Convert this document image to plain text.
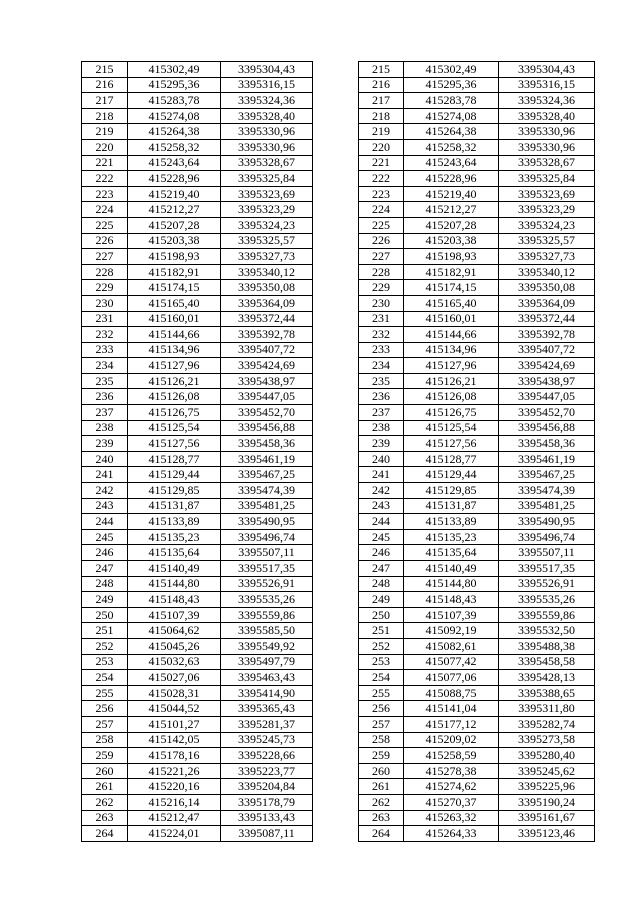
215	415302,49	3395304,43
216	415295,36	3395316,15
217	415283,78	3395324,36
218	415274,08	3395328,40
219	415264,38	3395330,96
220	415258,32	3395330,96
221	415243,64	3395328,67
222	415228,96	3395325,84
223	415219,40	3395323,69
224	415212,27	3395323,29
225	415207,28	3395324,23
226	415203,38	3395325,57
227	415198,93	3395327,73
228	415182,91	3395340,12
229	415174,15	3395350,08
230	415165,40	3395364,09
231	415160,01	3395372,44
232	415144,66	3395392,78
233	415134,96	3395407,72
234	415127,96	3395424,69
235	415126,21	3395438,97
236	415126,08	3395447,05
237	415126,75	3395452,70
238	415125,54	3395456,88
239	415127,56	3395458,36
240	415128,77	3395461,19
241	415129,44	3395467,25
242	415129,85	3395474,39
243	415131,87	3395481,25
244	415133,89	3395490,95
245	415135,23	3395496,74
246	415135,64	3395507,11
247	415140,49	3395517,35
248	415144,80	3395526,91
249	415148,43	3395535,26
250	415107,39	3395559,86
251	415064,62	3395585,50
252	415045,26	3395549,92
253	415032,63	3395497,79
254	415027,06	3395463,43
255	415028,31	3395414,90
256	415044,52	3395365,43
257	415101,27	3395281,37
258	415142,05	3395245,73
259	415178,16	3395228,66
260	415221,26	3395223,77
261	415220,16	3395204,84
262	415216,14	3395178,79
263	415212,47	3395133,43
264	415224,01	3395087,11
215	415302,49	3395304,43
216	415295,36	3395316,15
217	415283,78	3395324,36
218	415274,08	3395328,40
219	415264,38	3395330,96
220	415258,32	3395330,96
221	415243,64	3395328,67
222	415228,96	3395325,84
223	415219,40	3395323,69
224	415212,27	3395323,29
225	415207,28	3395324,23
226	415203,38	3395325,57
227	415198,93	3395327,73
228	415182,91	3395340,12
229	415174,15	3395350,08
230	415165,40	3395364,09
231	415160,01	3395372,44
232	415144,66	3395392,78
233	415134,96	3395407,72
234	415127,96	3395424,69
235	415126,21	3395438,97
236	415126,08	3395447,05
237	415126,75	3395452,70
238	415125,54	3395456,88
239	415127,56	3395458,36
240	415128,77	3395461,19
241	415129,44	3395467,25
242	415129,85	3395474,39
243	415131,87	3395481,25
244	415133,89	3395490,95
245	415135,23	3395496,74
246	415135,64	3395507,11
247	415140,49	3395517,35
248	415144,80	3395526,91
249	415148,43	3395535,26
250	415107,39	3395559,86
251	415092,19	3395532,50
252	415082,61	3395488,38
253	415077,42	3395458,58
254	415077,06	3395428,13
255	415088,75	3395388,65
256	415141,04	3395311,80
257	415177,12	3395282,74
258	415209,02	3395273,58
259	415258,59	3395280,40
260	415278,38	3395245,62
261	415274,62	3395225,96
262	415270,37	3395190,24
263	415263,32	3395161,67
264	415264,33	3395123,46
